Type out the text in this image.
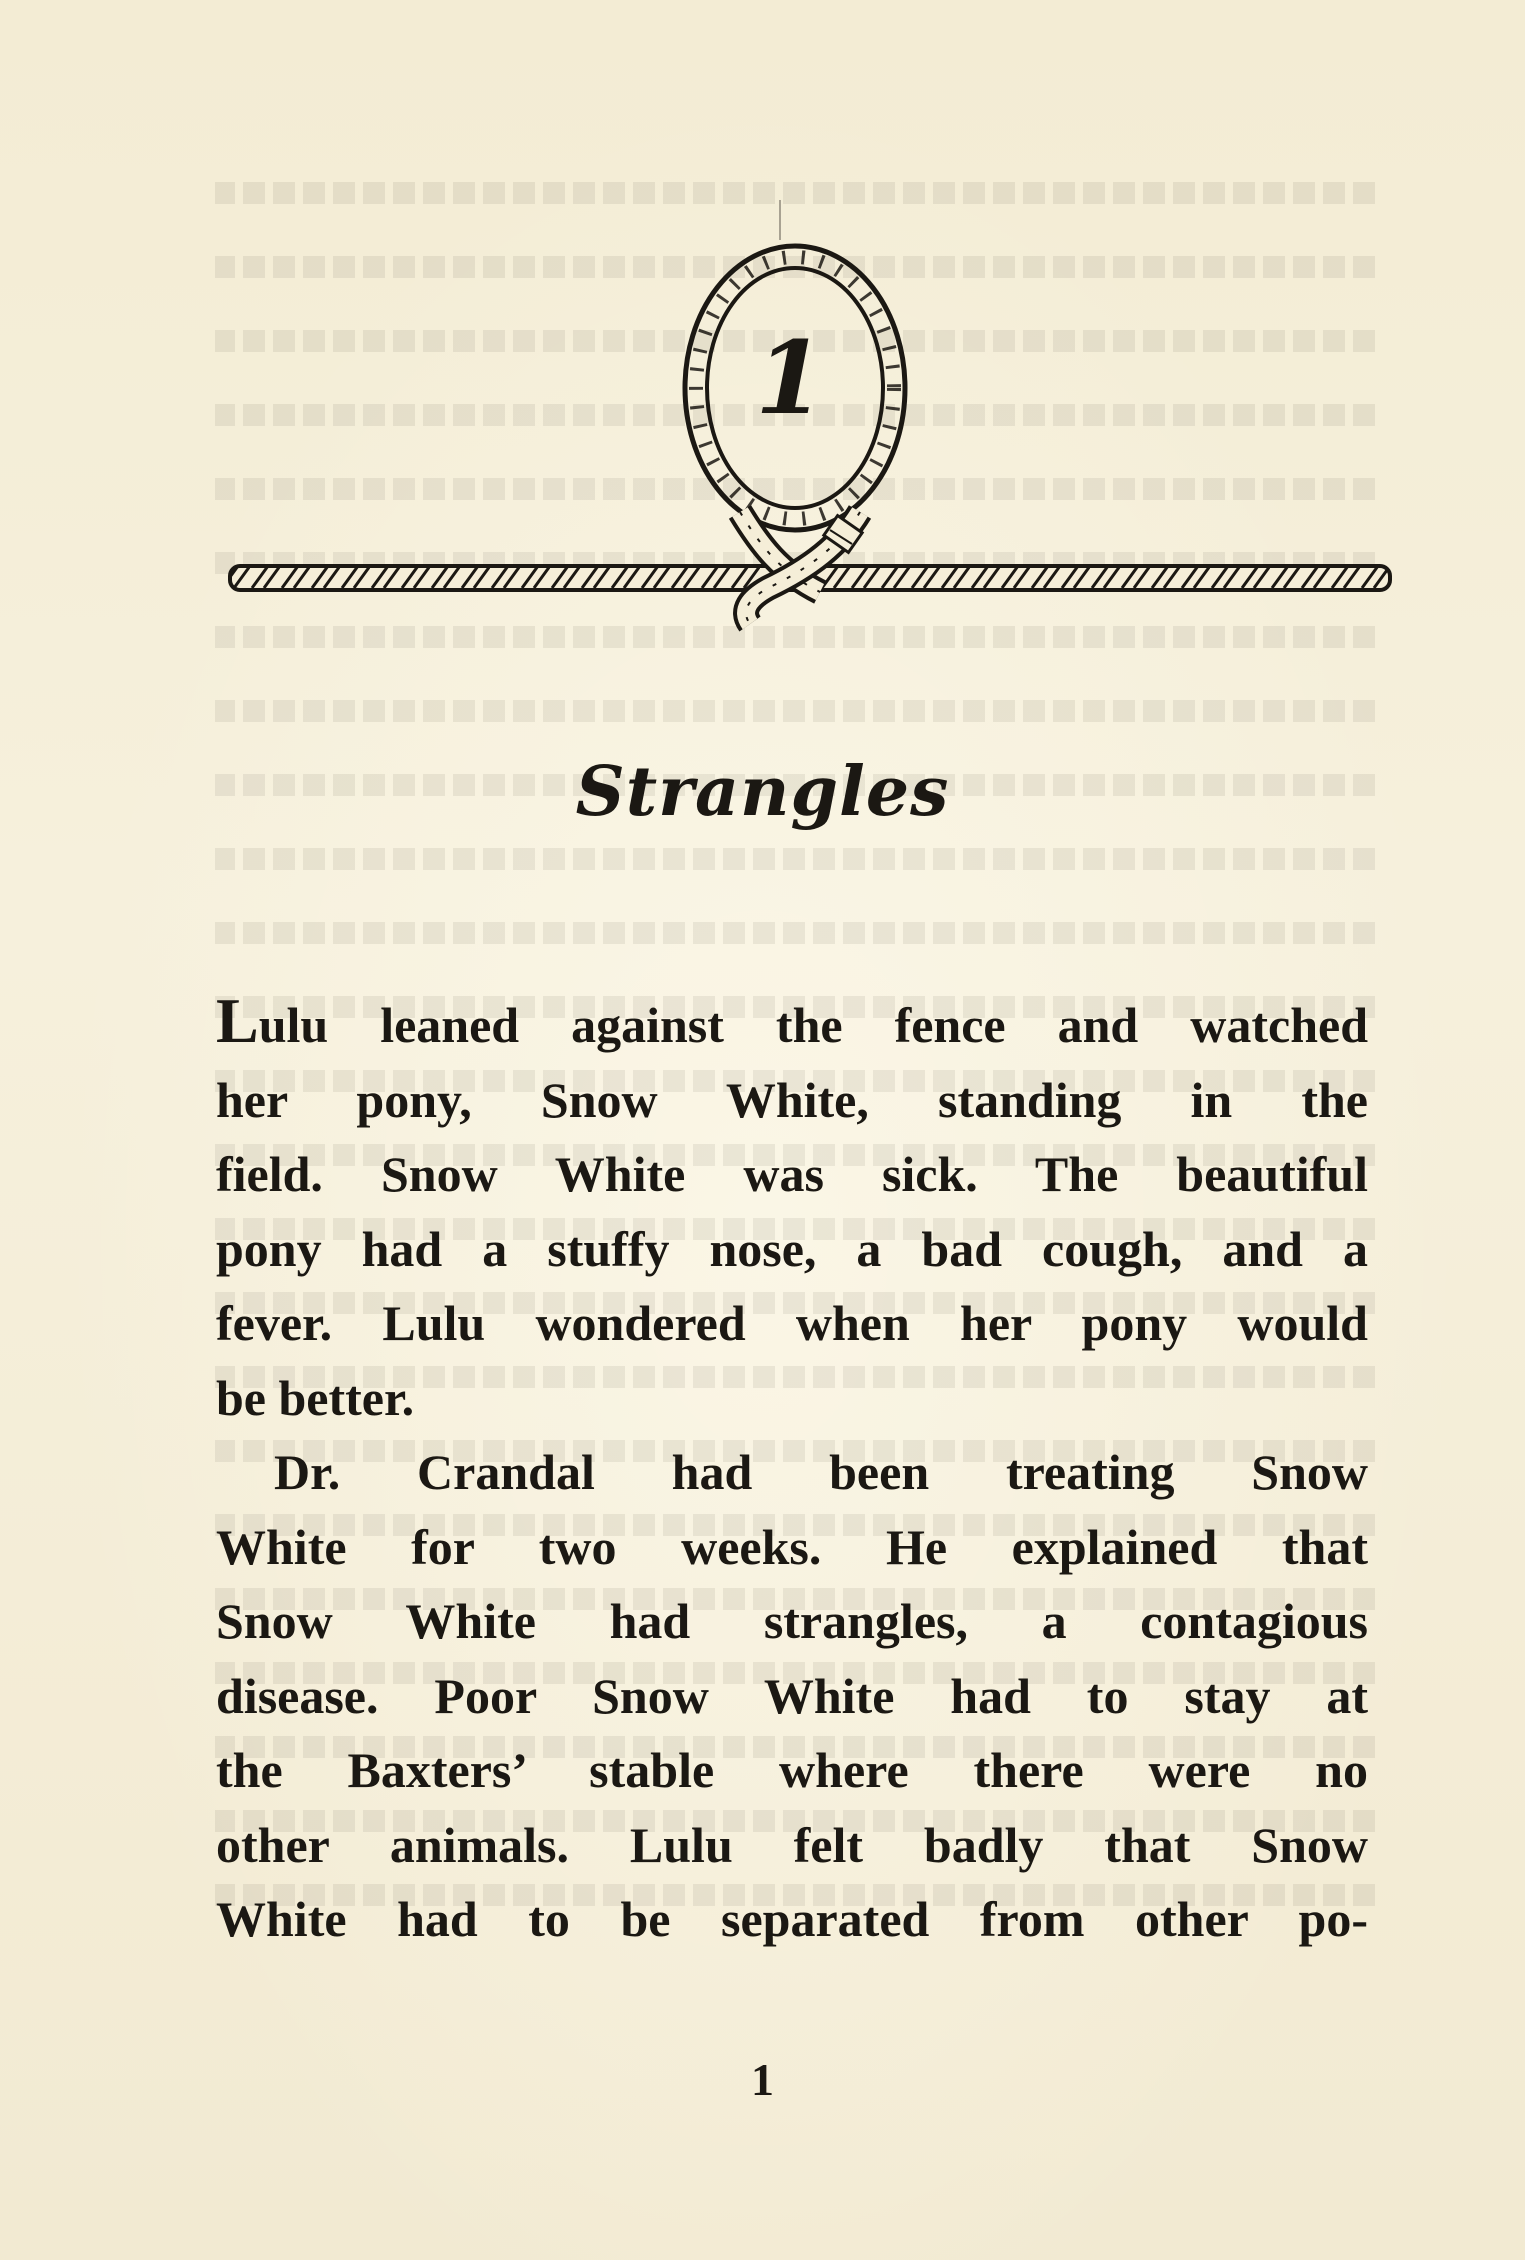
1
Strangles
Lulu leaned against the fence and watched
her pony, Snow White, standing in the
field. Snow White was sick. The beautiful
pony had a stuffy nose, a bad cough, and a
fever. Lulu wondered when her pony would
be better.
Dr. Crandal had been treating Snow
White for two weeks. He explained that
Snow White had strangles, a contagious
disease. Poor Snow White had to stay at
the Baxters’ stable where there were no
other animals. Lulu felt badly that Snow
White had to be separated from other po-
1
